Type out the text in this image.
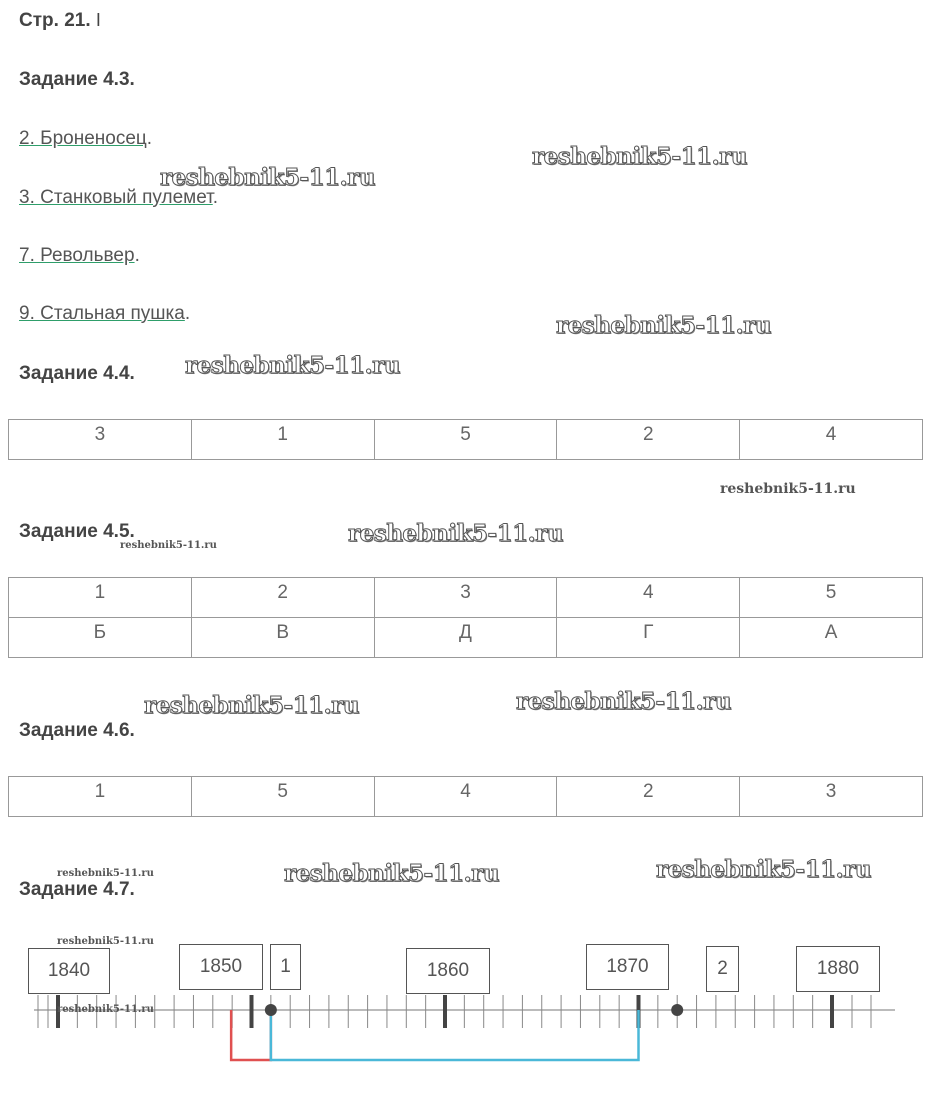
Стр. 21. I
Задание 4.3.
2. Броненосец.
3. Станковый пулемет.
7. Револьвер.
9. Стальная пушка.
Задание 4.4.
3	1	5	2	4
Задание 4.5.
1	2	3	4	5
Б	В	Д	Г	А
Задание 4.6.
1	5	4	2	3
Задание 4.7.
1840	1850	1	1860	1870	2	1880
reshebnik5-11.ru
reshebnik5-11.ru
reshebnik5-11.ru
reshebnik5-11.ru
reshebnik5-11.ru
reshebnik5-11.ru	reshebnik5-11.ru
reshebnik5-11.ru
reshebnik5-11.ru
reshebnik5-11.ru
reshebnik5-11.ru
reshebnik5-11.ru
reshebnik5-11.ru
reshebnik5-11.ru
